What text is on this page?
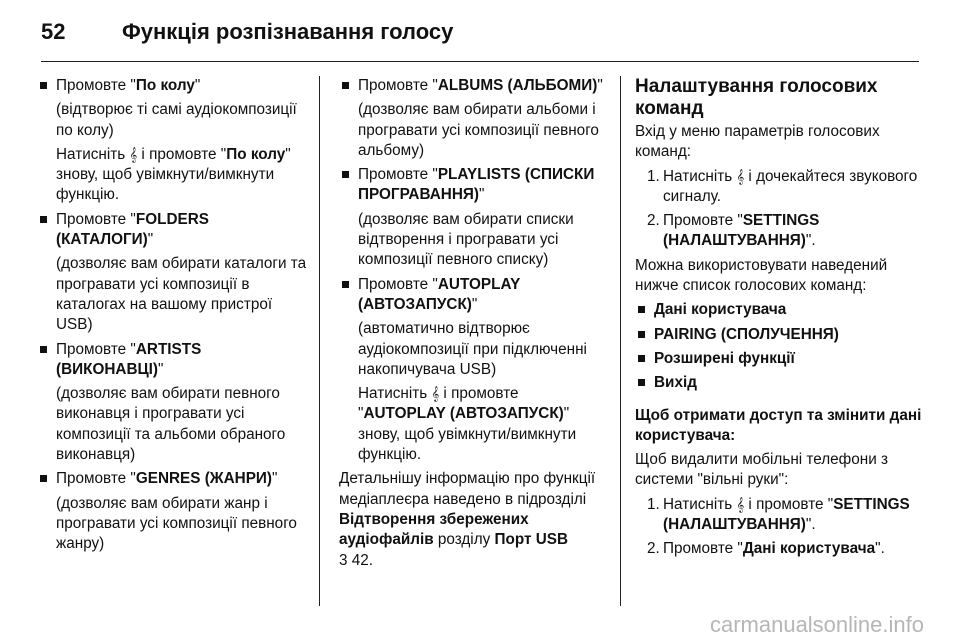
52	Функція розпізнавання голосу
Промовте "По колу"
(відтворює ті самі аудіокомпозиції по колу)
Натисніть 𝄞 і промовте "По колу" знову, щоб увімкнути/вимкнути функцію.
Промовте "FOLDERS (КАТАЛОГИ)"
(дозволяє вам обирати каталоги та програвати усі композиції в каталогах на вашому пристрої USB)
Промовте "ARTISTS (ВИКОНАВЦІ)"
(дозволяє вам обирати певного виконавця і програвати усі композиції та альбоми обраного виконавця)
Промовте "GENRES (ЖАНРИ)"
(дозволяє вам обирати жанр і програвати усі композиції певного жанру)
Промовте "ALBUMS (АЛЬБОМИ)"
(дозволяє вам обирати альбоми і програвати усі композиції певного альбому)
Промовте "PLAYLISTS (СПИСКИ ПРОГРАВАННЯ)"
(дозволяє вам обирати списки відтворення і програвати усі композиції певного списку)
Промовте "AUTOPLAY (АВТОЗАПУСК)"
(автоматично відтворює аудіокомпозиції при підключенні накопичувача USB)
Натисніть 𝄞 і промовте "AUTOPLAY (АВТОЗАПУСК)" знову, щоб увімкнути/вимкнути функцію.
Детальнішу інформацію про функції медіаплеєра наведено в підрозділі Відтворення збережених аудіофайлів розділу Порт USB
3 42.
Налаштування голосових команд
Вхід у меню параметрів голосових команд:
1. Натисніть 𝄞 і дочекайтеся звукового сигналу.
2. Промовте "SETTINGS (НАЛАШТУВАННЯ)".
Можна використовувати наведений нижче список голосових команд:
Дані користувача
PAIRING (СПОЛУЧЕННЯ)
Розширені функції
Вихід
Щоб отримати доступ та змінити дані користувача:
Щоб видалити мобільні телефони з системи "вільні руки":
1. Натисніть 𝄞 і промовте "SETTINGS (НАЛАШТУВАННЯ)".
2. Промовте "Дані користувача".
carmanualsonline.info
